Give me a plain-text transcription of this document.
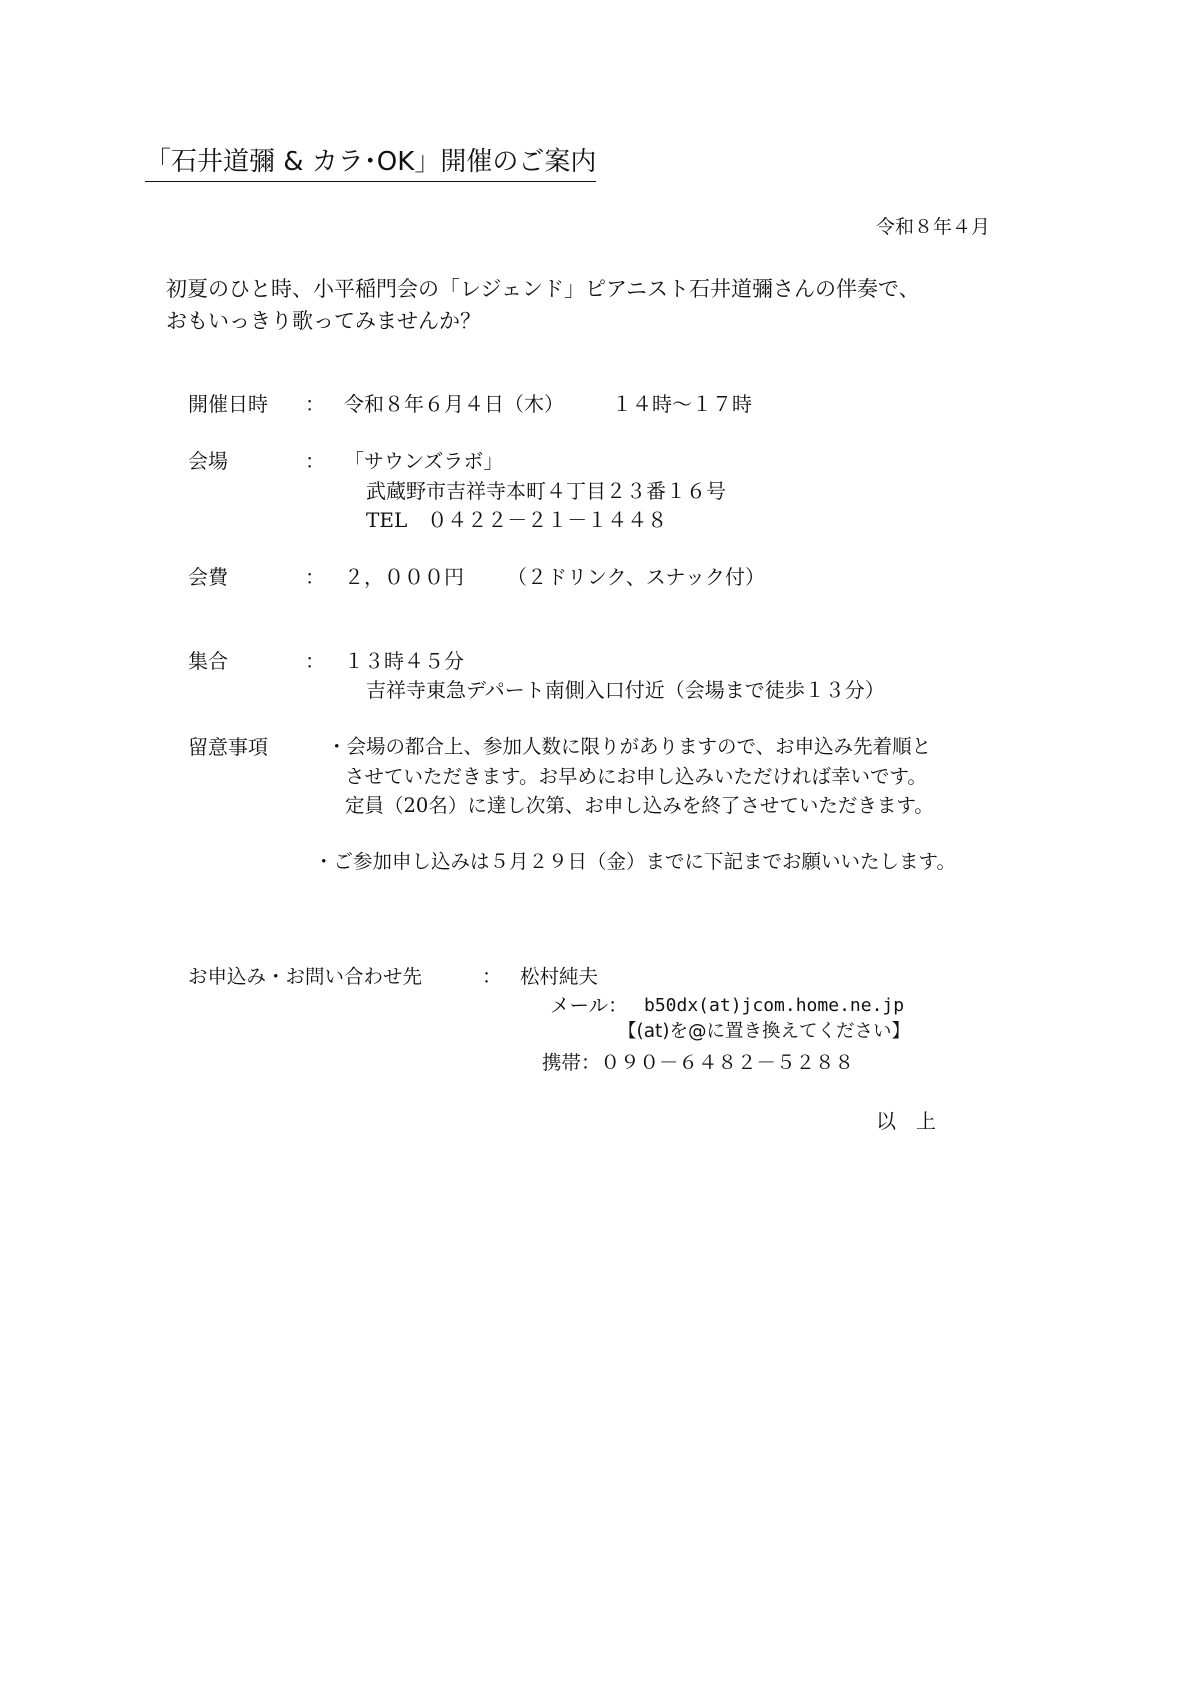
「石井道彌 & カラ･OK」開催のご案内
令和８年４月
初夏のひと時、小平稲門会の「レジェンド」ピアニスト石井道彌さんの伴奏で、
おもいっきり歌ってみませんか？
開催日時 ： 令和８年６月４日（木） １４時〜１７時
会場	： 「サウンズラボ」
武蔵野市吉祥寺本町４丁目２３番１６号
TEL　０４２２－２１－１４４８
会費	： ２，０００円 （２ドリンク、スナック付）
集合	： １３時４５分
吉祥寺東急デパート南側入口付近（会場まで徒歩１３分）
留意事項	・会場の都合上、参加人数に限りがありますので、お申込み先着順と
させていただきます。お早めにお申し込みいただければ幸いです。
定員（20名）に達し次第、お申し込みを終了させていただきます。
・ご参加申し込みは５月２９日（金）までに下記までお願いいたします。
お申込み・お問い合わせ先	： 松村純夫
メール： b50dx(at)jcom.home.ne.jp
【(at)を@に置き換えてください】
携帯：０９０－６４８２－５２８８
以　上
